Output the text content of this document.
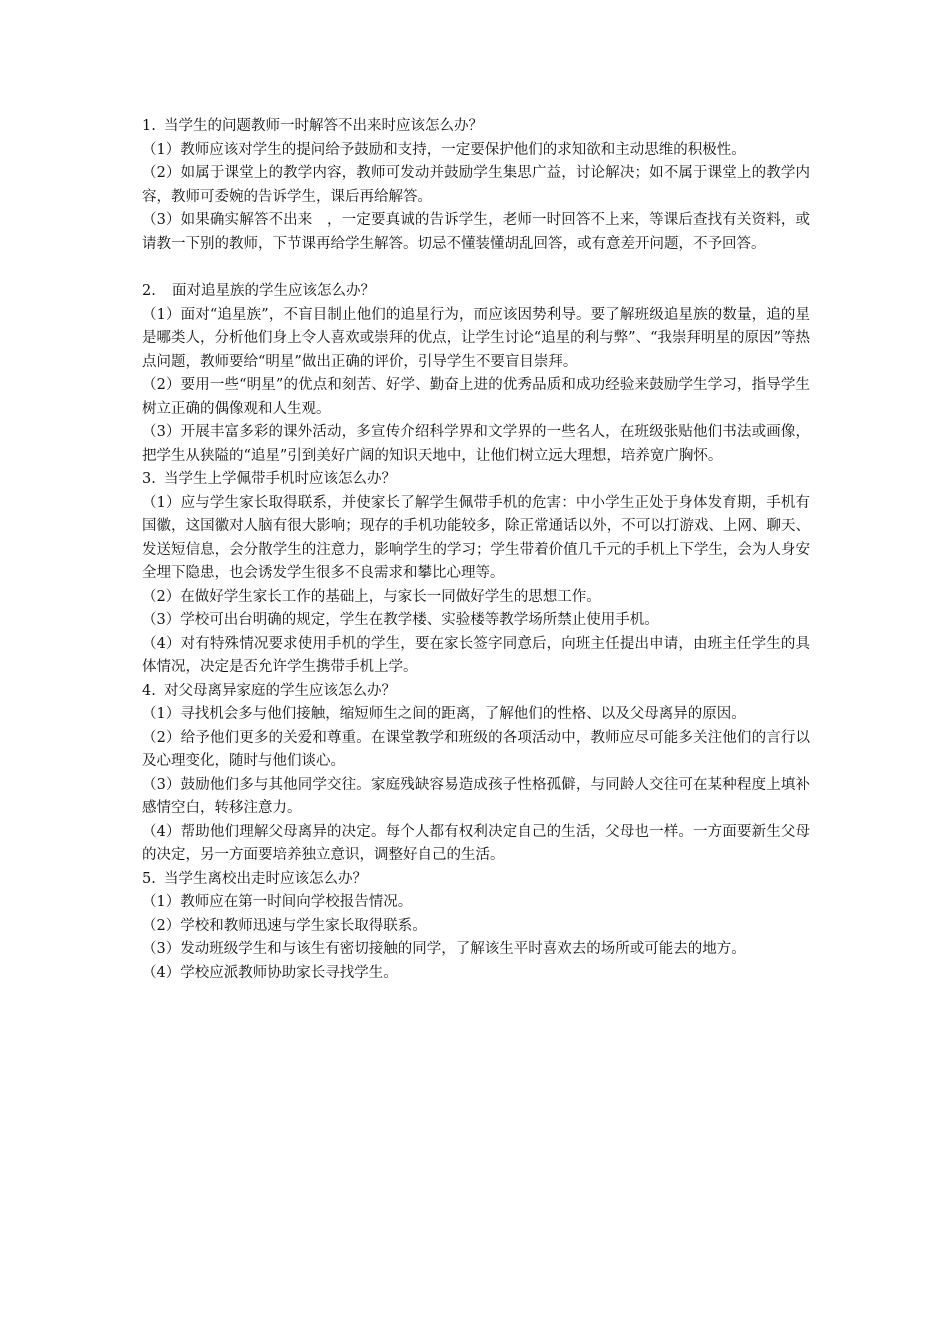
1. 当学生的问题教师一时解答不出来时应该怎么办？

（1）教师应该对学生的提问给予鼓励和支持，一定要保护他们的求知欲和主动思维的积极性。

（2）如属于课堂上的教学内容，教师可发动并鼓励学生集思广益，讨论解决；如不属于课堂上的教学内容，教师可委婉的告诉学生，课后再给解答。

（3）如果确实解答不出来　，一定要真诚的告诉学生，老师一时回答不上来，等课后查找有关资料，或请教一下别的教师，下节课再给学生解答。切忌不懂装懂胡乱回答，或有意差开问题，不予回答。

2. 面对追星族的学生应该怎么办？

（1）面对“追星族”，不盲目制止他们的追星行为，而应该因势利导。要了解班级追星族的数量，追的星是哪类人，分析他们身上令人喜欢或崇拜的优点，让学生讨论“追星的利与弊”、“我崇拜明星的原因”等热点问题，教师要给“明星”做出正确的评价，引导学生不要盲目崇拜。

（2）要用一些“明星”的优点和刻苦、好学、勤奋上进的优秀品质和成功经验来鼓励学生学习，指导学生树立正确的偶像观和人生观。

（3）开展丰富多彩的课外活动，多宣传介绍科学界和文学界的一些名人，在班级张贴他们书法或画像，把学生从狭隘的“追星”引到美好广阔的知识天地中，让他们树立远大理想，培养宽广胸怀。

3. 当学生上学佩带手机时应该怎么办？

（1）应与学生家长取得联系，并使家长了解学生佩带手机的危害：中小学生正处于身体发育期，手机有国徽，这国徽对人脑有很大影响；现存的手机功能较多，除正常通话以外，不可以打游戏、上网、聊天、发送短信息，会分散学生的注意力，影响学生的学习；学生带着价值几千元的手机上下学生，会为人身安全埋下隐患，也会诱发学生很多不良需求和攀比心理等。

（2）在做好学生家长工作的基础上，与家长一同做好学生的思想工作。

（3）学校可出台明确的规定，学生在教学楼、实验楼等教学场所禁止使用手机。

（4）对有特殊情况要求使用手机的学生，要在家长签字同意后，向班主任提出申请，由班主任学生的具体情况，决定是否允许学生携带手机上学。

4. 对父母离异家庭的学生应该怎么办？

（1）寻找机会多与他们接触，缩短师生之间的距离，了解他们的性格、以及父母离异的原因。

（2）给予他们更多的关爱和尊重。在课堂教学和班级的各项活动中，教师应尽可能多关注他们的言行以及心理变化，随时与他们谈心。

（3）鼓励他们多与其他同学交往。家庭残缺容易造成孩子性格孤僻，与同龄人交往可在某种程度上填补感情空白，转移注意力。

（4）帮助他们理解父母离异的决定。每个人都有权利决定自己的生活，父母也一样。一方面要新生父母的决定，另一方面要培养独立意识，调整好自己的生活。

5. 当学生离校出走时应该怎么办？

（1）教师应在第一时间向学校报告情况。

（2）学校和教师迅速与学生家长取得联系。

（3）发动班级学生和与该生有密切接触的同学，了解该生平时喜欢去的场所或可能去的地方。

（4）学校应派教师协助家长寻找学生。
